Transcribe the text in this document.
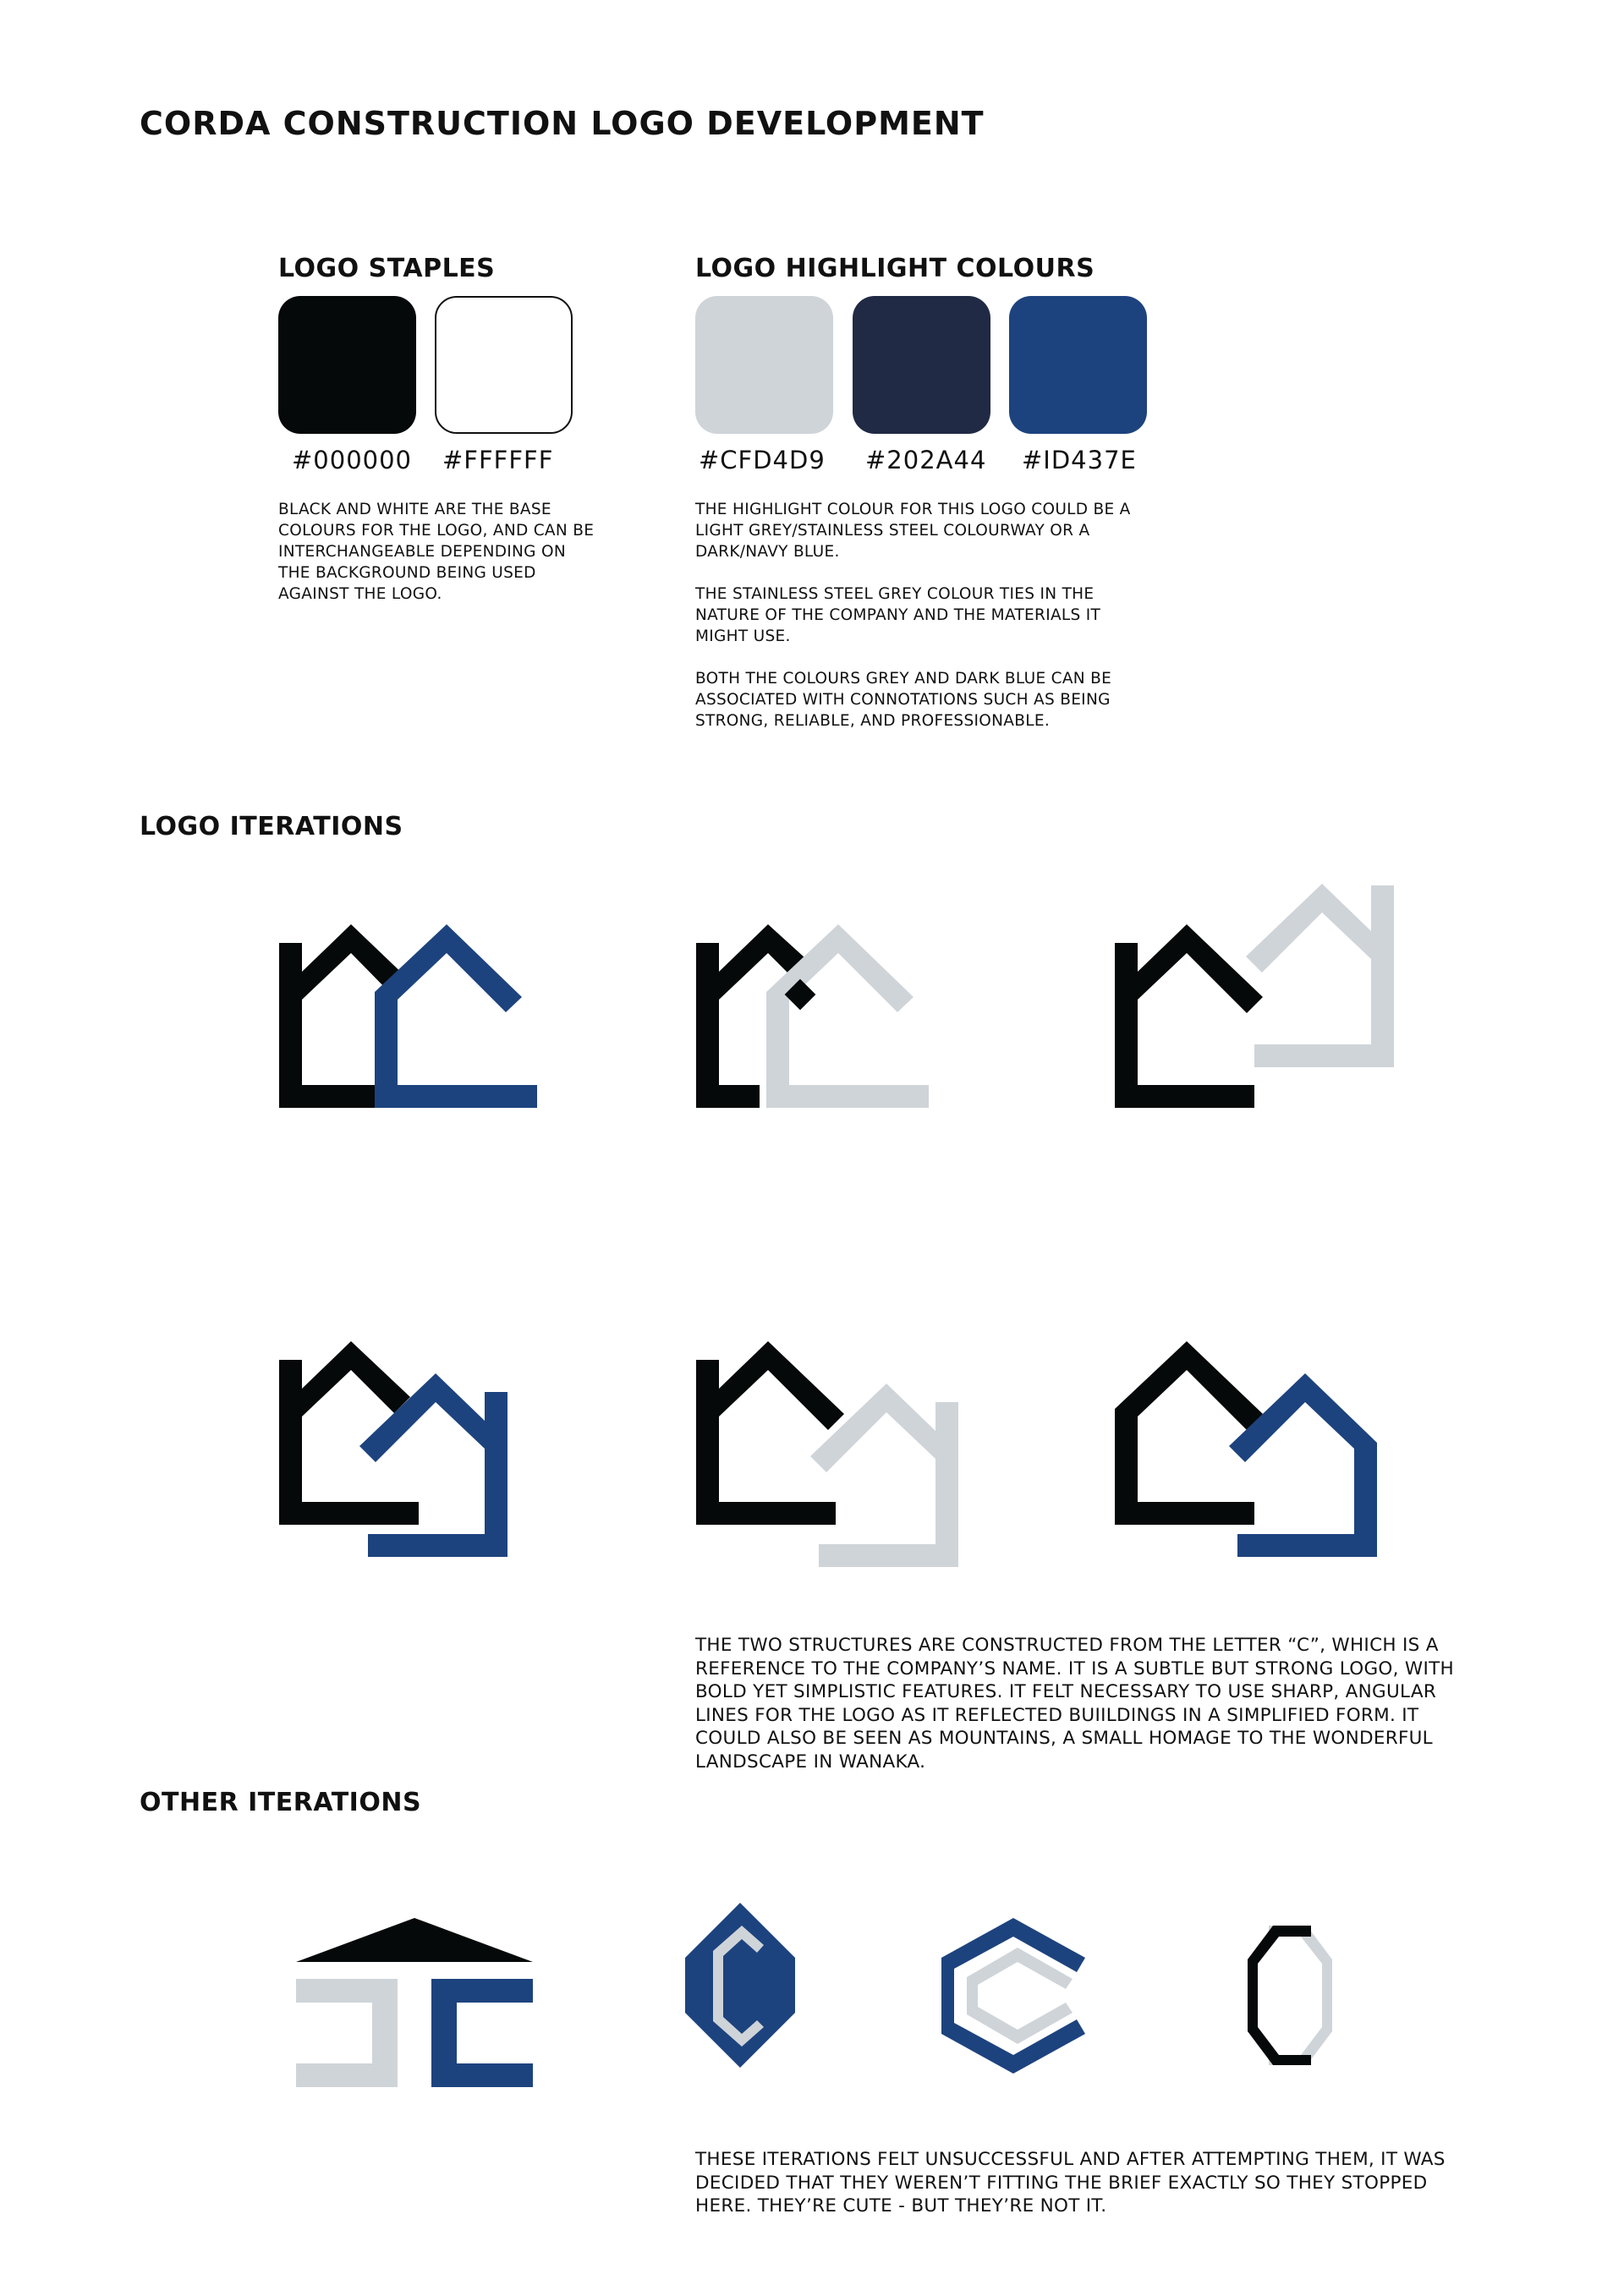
CORDA CONSTRUCTION LOGO DEVELOPMENT
LOGO STAPLES
#000000 #FFFFFF
BLACK AND WHITE ARE THE BASE COLOURS FOR THE LOGO, AND CAN BE INTERCHANGEABLE DEPENDING ON THE BACKGROUND BEING USED AGAINST THE LOGO.
LOGO HIGHLIGHT COLOURS
#CFD4D9 #202A44 #ID437E

THE HIGHLIGHT COLOUR FOR THIS LOGO COULD BE A LIGHT GREY/STAINLESS STEEL COLOURWAY OR A DARK/NAVY BLUE.

THE STAINLESS STEEL GREY COLOUR TIES IN THE NATURE OF THE COMPANY AND THE MATERIALS IT MIGHT USE.

BOTH THE COLOURS GREY AND DARK BLUE CAN BE ASSOCIATED WITH CONNOTATIONS SUCH AS BEING STRONG, RELIABLE, AND PROFESSIONABLE.

LOGO ITERATIONS
THE TWO STRUCTURES ARE CONSTRUCTED FROM THE LETTER “C”, WHICH IS A REFERENCE TO THE COMPANY’S NAME. IT IS A SUBTLE BUT STRONG LOGO, WITH BOLD YET SIMPLISTIC FEATURES. IT FELT NECESSARY TO USE SHARP, ANGULAR LINES FOR THE LOGO AS IT REFLECTED BUIILDINGS IN A SIMPLIFIED FORM. IT COULD ALSO BE SEEN AS MOUNTAINS, A SMALL HOMAGE TO THE WONDERFUL LANDSCAPE IN WANAKA.
OTHER ITERATIONS
THESE ITERATIONS FELT UNSUCCESSFUL AND AFTER ATTEMPTING THEM, IT WAS DECIDED THAT THEY WEREN’T FITTING THE BRIEF EXACTLY SO THEY STOPPED HERE. THEY’RE CUTE - BUT THEY’RE NOT IT.
